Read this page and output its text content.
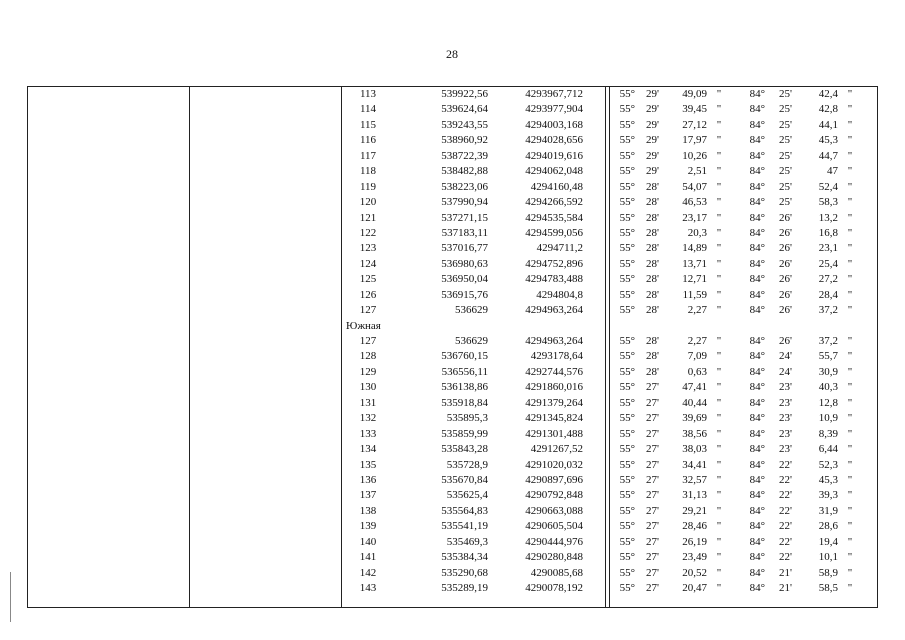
28
113	539922,56	4293967,712	55°	29'	49,09 "	84°	25'	42,4 "
114	539624,64	4293977,904	55°	29'	39,45 "	84°	25'	42,8 "
115	539243,55	4294003,168	55°	29'	27,12 "	84°	25'	44,1 "
116	538960,92	4294028,656	55°	29'	17,97 "	84°	25'	45,3 "
117	538722,39	4294019,616	55°	29'	10,26 "	84°	25'	44,7 "
118	538482,88	4294062,048	55°	29'	2,51 "	84°	25'	47 "
119	538223,06	4294160,48	55°	28'	54,07 "	84°	25'	52,4 "
120	537990,94	4294266,592	55°	28'	46,53 "	84°	25'	58,3 "
121	537271,15	4294535,584	55°	28'	23,17 "	84°	26'	13,2 "
122	537183,11	4294599,056	55°	28'	20,3 "	84°	26'	16,8 "
123	537016,77	4294711,2	55°	28'	14,89 "	84°	26'	23,1 "
124	536980,63	4294752,896	55°	28'	13,71 "	84°	26'	25,4 "
125	536950,04	4294783,488	55°	28'	12,71 "	84°	26'	27,2 "
126	536915,76	4294804,8	55°	28'	11,59 "	84°	26'	28,4 "
127	536629	4294963,264	55°	28'	2,27 "	84°	26'	37,2 "
Южная
127	536629	4294963,264	55°	28'	2,27 "	84°	26'	37,2 "
128	536760,15	4293178,64	55°	28'	7,09 "	84°	24'	55,7 "
129	536556,11	4292744,576	55°	28'	0,63 "	84°	24'	30,9 "
130	536138,86	4291860,016	55°	27'	47,41 "	84°	23'	40,3 "
131	535918,84	4291379,264	55°	27'	40,44 "	84°	23'	12,8 "
132	535895,3	4291345,824	55°	27'	39,69 "	84°	23'	10,9 "
133	535859,99	4291301,488	55°	27'	38,56 "	84°	23'	8,39 "
134	535843,28	4291267,52	55°	27'	38,03 "	84°	23'	6,44 "
135	535728,9	4291020,032	55°	27'	34,41 "	84°	22'	52,3 "
136	535670,84	4290897,696	55°	27'	32,57 "	84°	22'	45,3 "
137	535625,4	4290792,848	55°	27'	31,13 "	84°	22'	39,3 "
138	535564,83	4290663,088	55°	27'	29,21 "	84°	22'	31,9 "
139	535541,19	4290605,504	55°	27'	28,46 "	84°	22'	28,6 "
140	535469,3	4290444,976	55°	27'	26,19 "	84°	22'	19,4 "
141	535384,34	4290280,848	55°	27'	23,49 "	84°	22'	10,1 "
142	535290,68	4290085,68	55°	27'	20,52 "	84°	21'	58,9 "
143	535289,19	4290078,192	55°	27'	20,47 "	84°	21'	58,5 "
